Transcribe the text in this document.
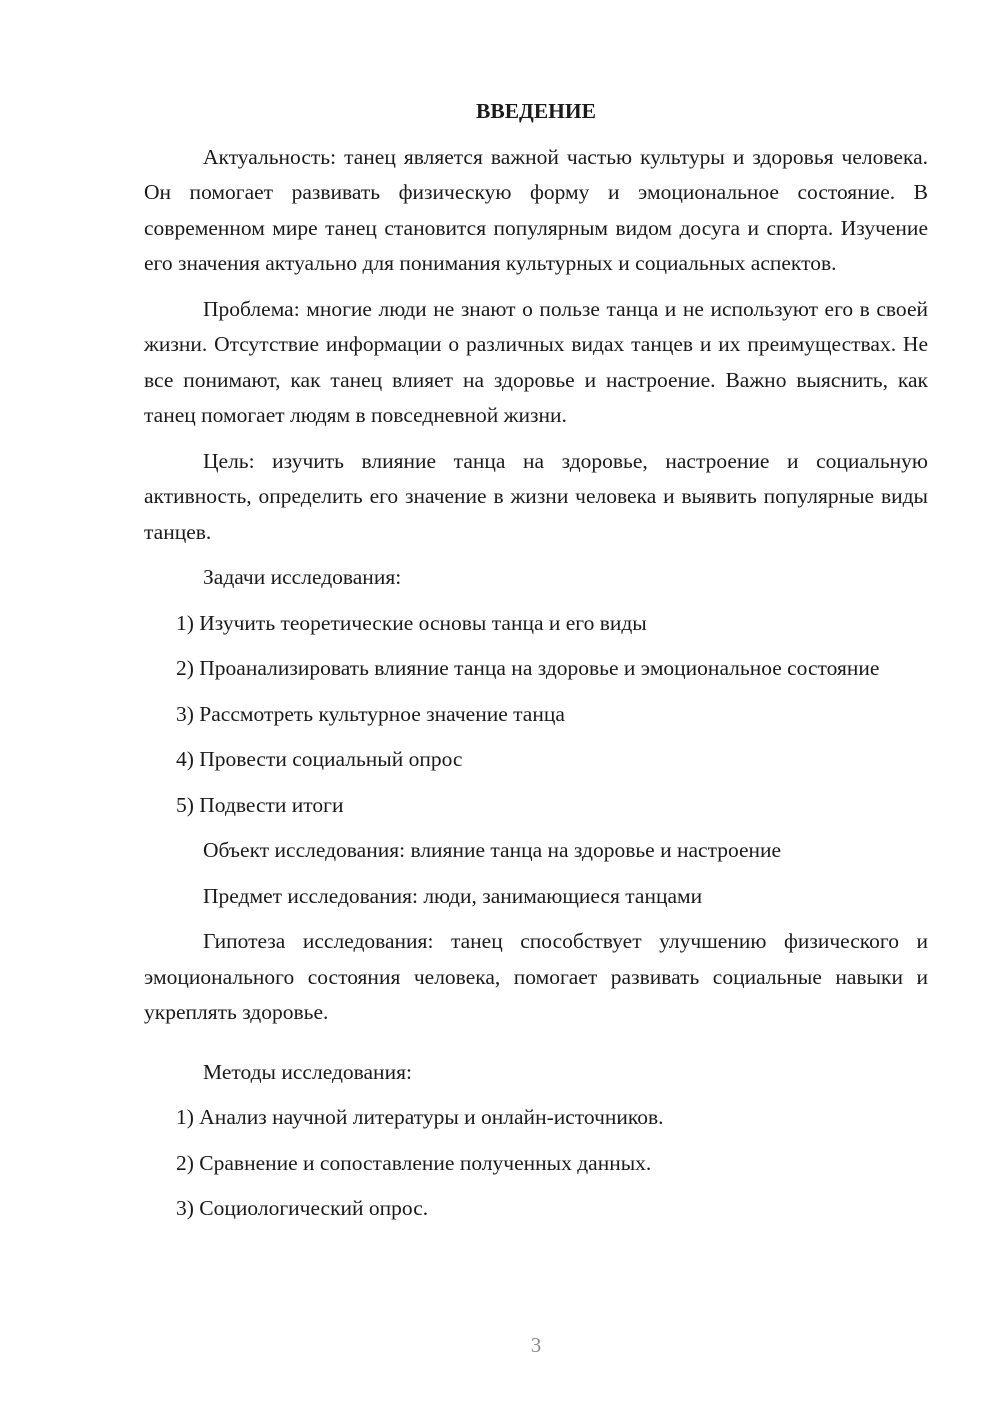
ВВЕДЕНИЕ
Актуальность: танец является важной частью культуры и здоровья человека. Он помогает развивать физическую форму и эмоциональное состояние. В современном мире танец становится популярным видом досуга и спорта. Изучение его значения актуально для понимания культурных и социальных аспектов.
Проблема: многие люди не знают о пользе танца и не используют его в своей жизни. Отсутствие информации о различных видах танцев и их преимуществах. Не все понимают, как танец влияет на здоровье и настроение. Важно выяснить, как танец помогает людям в повседневной жизни.
Цель: изучить влияние танца на здоровье, настроение и социальную активность, определить его значение в жизни человека и выявить популярные виды танцев.
Задачи исследования:
1) Изучить теоретические основы танца и его виды
2) Проанализировать влияние танца на здоровье и эмоциональное состояние
3) Рассмотреть культурное значение танца
4) Провести социальный опрос
5) Подвести итоги
Объект исследования: влияние танца на здоровье и настроение
Предмет исследования: люди, занимающиеся танцами
Гипотеза исследования: танец способствует улучшению физического и эмоционального состояния человека, помогает развивать социальные навыки и укреплять здоровье.
Методы исследования:
1) Анализ научной литературы и онлайн-источников.
2) Сравнение и сопоставление полученных данных.
3) Социологический опрос.
3
